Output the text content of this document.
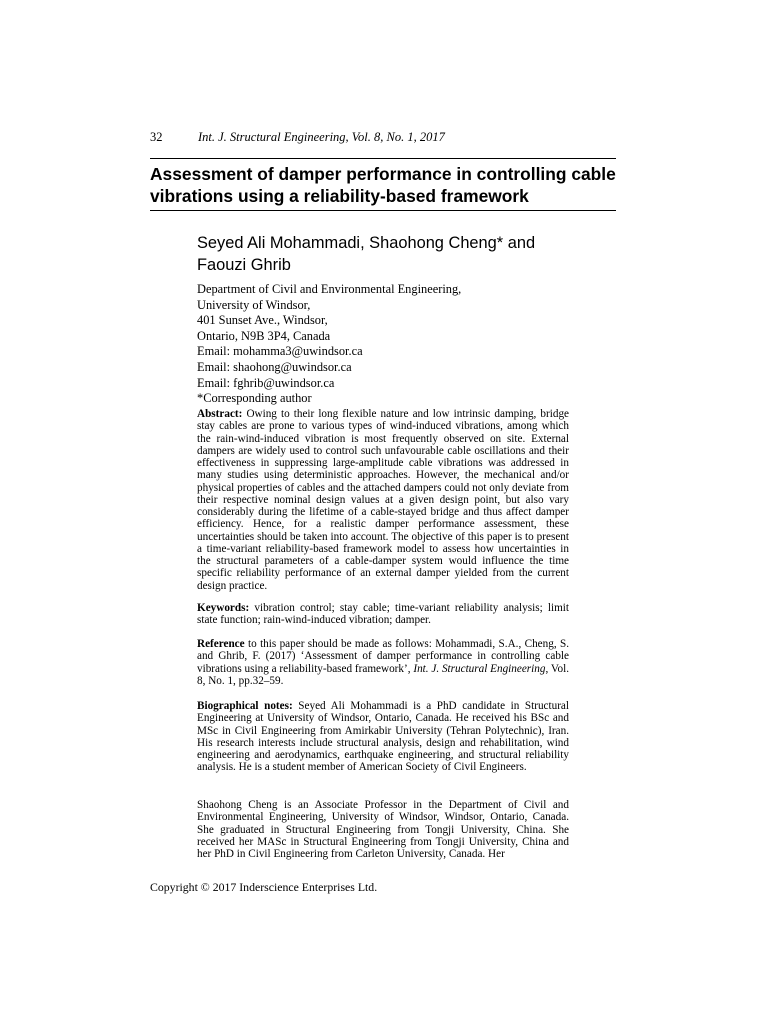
32	Int. J. Structural Engineering, Vol. 8, No. 1, 2017
Assessment of damper performance in controlling cable vibrations using a reliability-based framework

Seyed Ali Mohammadi, Shaohong Cheng* and Faouzi Ghrib

Department of Civil and Environmental Engineering,
University of Windsor,
401 Sunset Ave., Windsor,
Ontario, N9B 3P4, Canada
Email: mohamma3@uwindsor.ca
Email: shaohong@uwindsor.ca
Email: fghrib@uwindsor.ca
*Corresponding author

Abstract: Owing to their long flexible nature and low intrinsic damping, bridge stay cables are prone to various types of wind-induced vibrations, among which the rain-wind-induced vibration is most frequently observed on site. External dampers are widely used to control such unfavourable cable oscillations and their effectiveness in suppressing large-amplitude cable vibrations was addressed in many studies using deterministic approaches. However, the mechanical and/or physical properties of cables and the attached dampers could not only deviate from their respective nominal design values at a given design point, but also vary considerably during the lifetime of a cable-stayed bridge and thus affect damper efficiency. Hence, for a realistic damper performance assessment, these uncertainties should be taken into account. The objective of this paper is to present a time-variant reliability-based framework model to assess how uncertainties in the structural parameters of a cable-damper system would influence the time specific reliability performance of an external damper yielded from the current design practice.

Keywords: vibration control; stay cable; time-variant reliability analysis; limit state function; rain-wind-induced vibration; damper.

Reference to this paper should be made as follows: Mohammadi, S.A., Cheng, S. and Ghrib, F. (2017) ‘Assessment of damper performance in controlling cable vibrations using a reliability-based framework’, Int. J. Structural Engineering, Vol. 8, No. 1, pp.32–59.

Biographical notes: Seyed Ali Mohammadi is a PhD candidate in Structural Engineering at University of Windsor, Ontario, Canada. He received his BSc and MSc in Civil Engineering from Amirkabir University (Tehran Polytechnic), Iran. His research interests include structural analysis, design and rehabilitation, wind engineering and aerodynamics, earthquake engineering, and structural reliability analysis. He is a student member of American Society of Civil Engineers.

Shaohong Cheng is an Associate Professor in the Department of Civil and Environmental Engineering, University of Windsor, Windsor, Ontario, Canada. She graduated in Structural Engineering from Tongji University, China. She received her MASc in Structural Engineering from Tongji University, China and her PhD in Civil Engineering from Carleton University, Canada. Her

Copyright © 2017 Inderscience Enterprises Ltd.
